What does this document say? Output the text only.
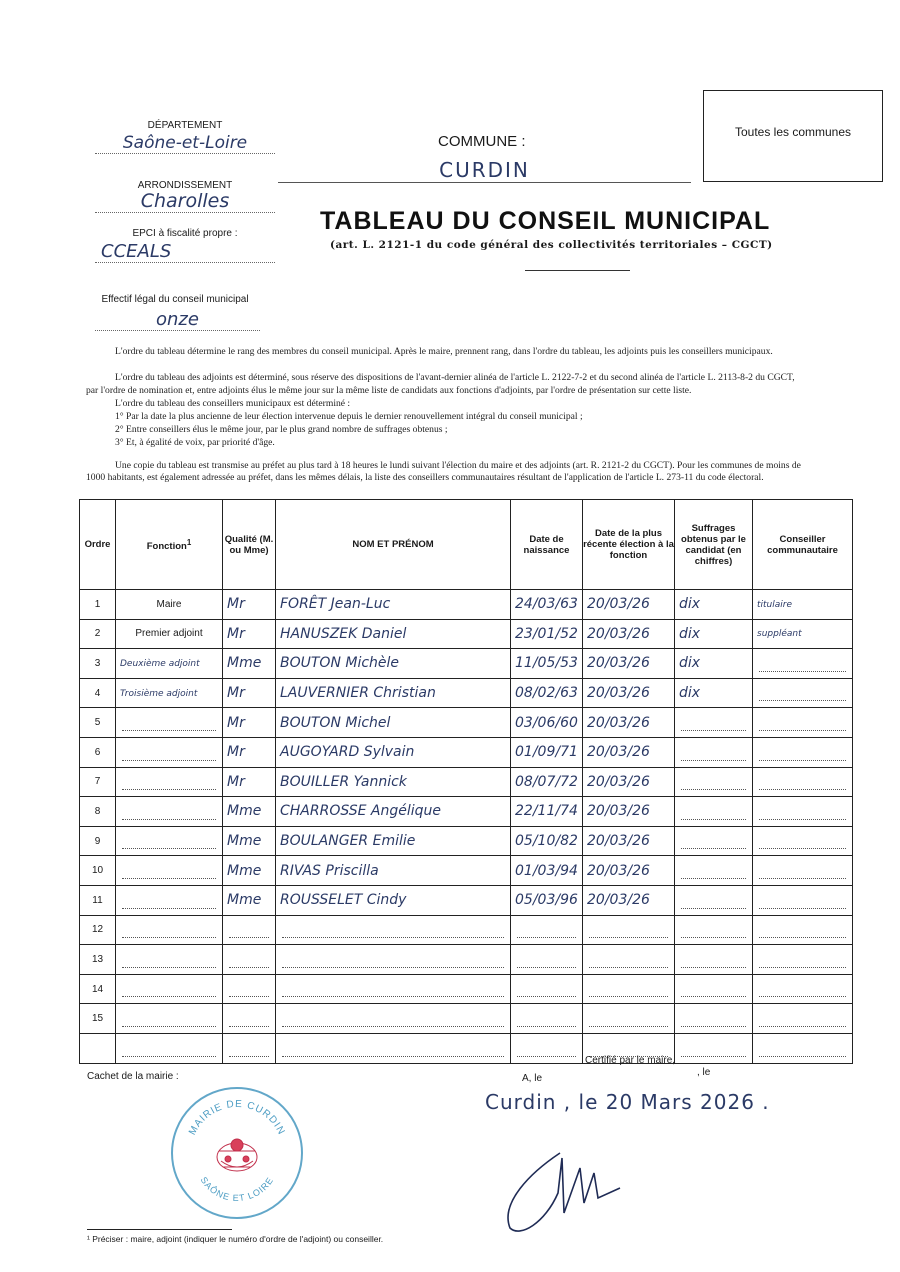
DÉPARTEMENT
Saône-et-Loire
ARRONDISSEMENT
Charolles
EPCI à fiscalité propre :
CCEALS
Effectif légal du conseil municipal
onze
COMMUNE :
CURDIN
Toutes les communes
TABLEAU DU CONSEIL MUNICIPAL
(art. L. 2121-1 du code général des collectivités territoriales – CGCT)
L'ordre du tableau détermine le rang des membres du conseil municipal. Après le maire, prennent rang, dans l'ordre du tableau, les adjoints puis les conseillers municipaux.
L'ordre du tableau des adjoints est déterminé, sous réserve des dispositions de l'avant-dernier alinéa de l'article L. 2122-7-2 et du second alinéa de l'article L. 2113-8-2 du CGCT,
par l'ordre de nomination et, entre adjoints élus le même jour sur la même liste de candidats aux fonctions d'adjoints, par l'ordre de présentation sur cette liste.
L'ordre du tableau des conseillers municipaux est déterminé :
1° Par la date la plus ancienne de leur élection intervenue depuis le dernier renouvellement intégral du conseil municipal ;
2° Entre conseillers élus le même jour, par le plus grand nombre de suffrages obtenus ;
3° Et, à égalité de voix, par priorité d'âge.
Une copie du tableau est transmise au préfet au plus tard à 18 heures le lundi suivant l'élection du maire et des adjoints (art. R. 2121-2 du CGCT). Pour les communes de moins de
1000 habitants, est également adressée au préfet, dans les mêmes délais, la liste des conseillers communautaires résultant de l'application de l'article L. 273-11 du code électoral.
Ordre	Fonction$^1$	Qualité (M. ou Mme)	NOM ET PRÉNOM	Date de naissance	Date de la plus récente élection à la fonction	Suffrages obtenus par le candidat (en chiffres)	Conseiller communautaire
1	Maire	Mr	FORÊT Jean-Luc	24/03/63	20/03/26	dix	titulaire
2	Premier adjoint	Mr	HANUSZEK Daniel	23/01/52	20/03/26	dix	suppléant
3	Deuxième adjoint	Mme	BOUTON Michèle	11/05/53	20/03/26	dix	
4	Troisième adjoint	Mr	LAUVERNIER Christian	08/02/63	20/03/26	dix	
5		Mr	BOUTON Michel	03/06/60	20/03/26		
6		Mr	AUGOYARD Sylvain	01/09/71	20/03/26		
7		Mr	BOUILLER Yannick	08/07/72	20/03/26		
8		Mme	CHARROSSE Angélique	22/11/74	20/03/26		
9		Mme	BOULANGER Emilie	05/10/82	20/03/26		
10		Mme	RIVAS Priscilla	01/03/94	20/03/26		
11		Mme	ROUSSELET Cindy	05/03/96	20/03/26		
12							
13							
14							
15							

Cachet de la mairie :
MAIRIE DE CURDIN
SAÔNE ET LOIRE
Certifié par le maire,
A, le
, le
Curdin , le 20 Mars 2026 .
¹ Préciser : maire, adjoint (indiquer le numéro d'ordre de l'adjoint) ou conseiller.
